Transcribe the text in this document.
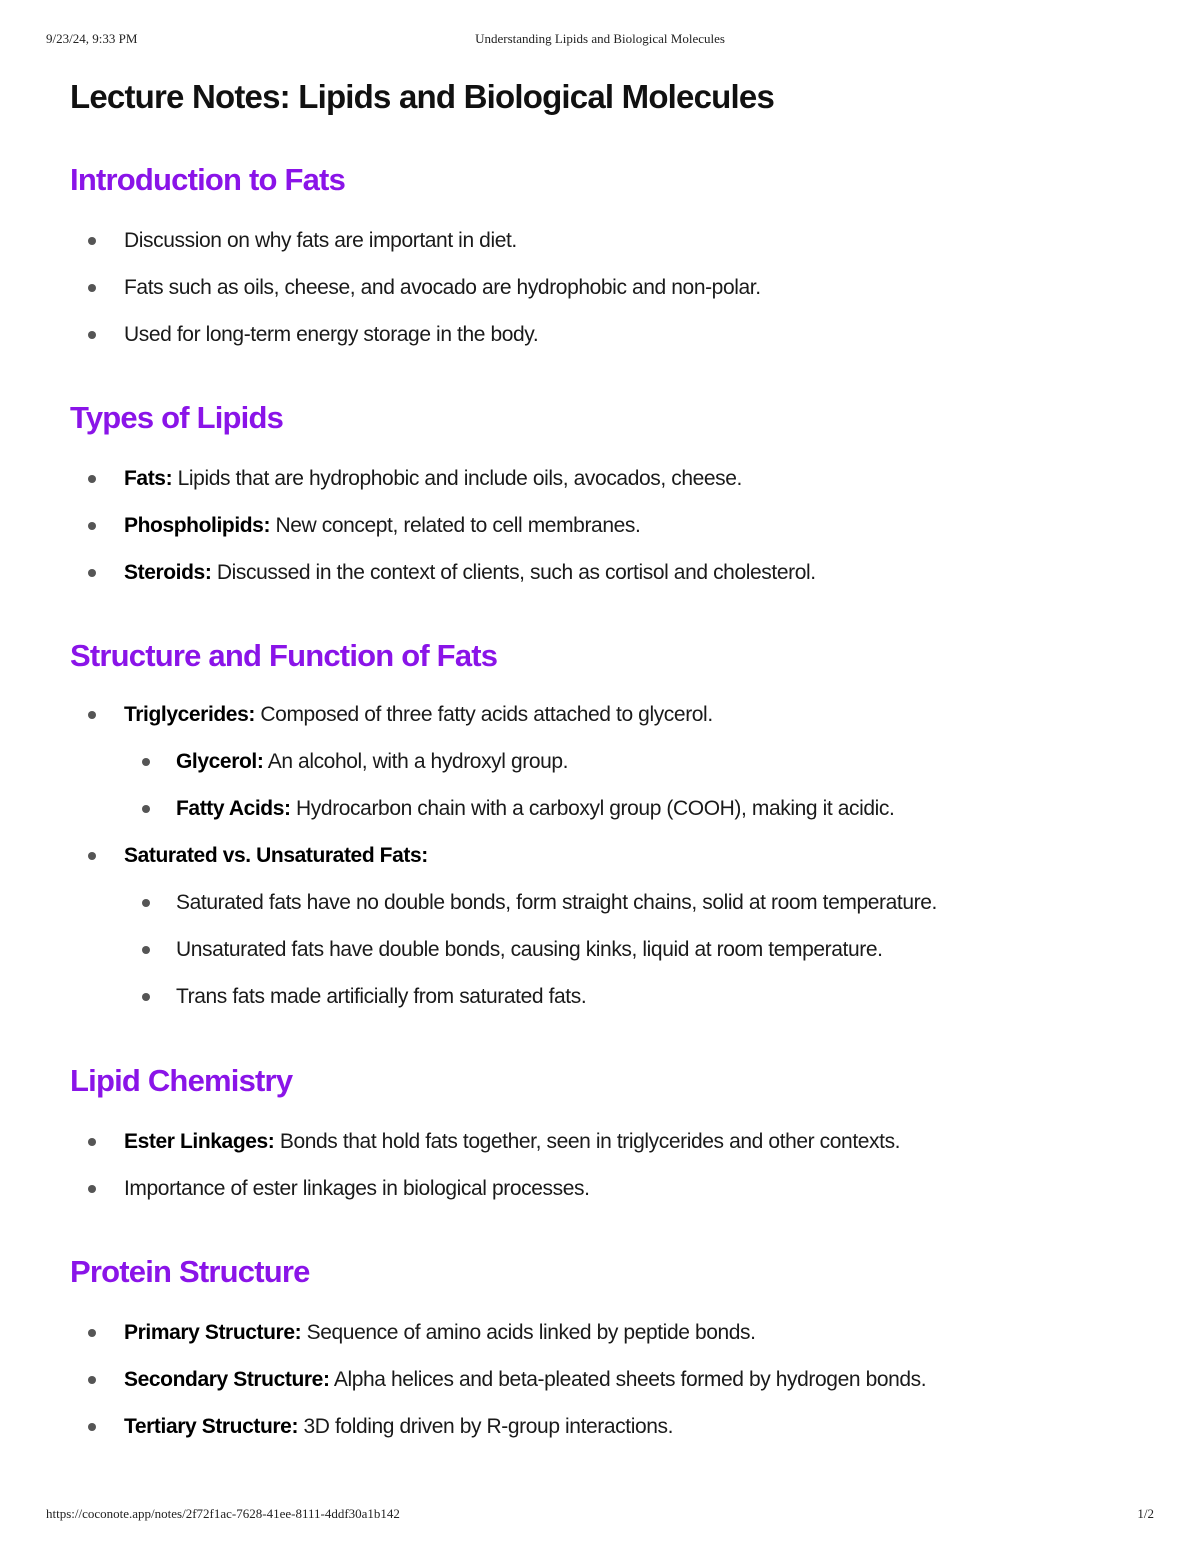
9/23/24, 9:33 PM	Understanding Lipids and Biological Molecules
Lecture Notes: Lipids and Biological Molecules
Introduction to Fats
Discussion on why fats are important in diet.
Fats such as oils, cheese, and avocado are hydrophobic and non-polar.
Used for long-term energy storage in the body.
Types of Lipids
Fats: Lipids that are hydrophobic and include oils, avocados, cheese.
Phospholipids: New concept, related to cell membranes.
Steroids: Discussed in the context of clients, such as cortisol and cholesterol.
Structure and Function of Fats
Triglycerides: Composed of three fatty acids attached to glycerol.
Glycerol: An alcohol, with a hydroxyl group.
Fatty Acids: Hydrocarbon chain with a carboxyl group (COOH), making it acidic.
Saturated vs. Unsaturated Fats:
Saturated fats have no double bonds, form straight chains, solid at room temperature.
Unsaturated fats have double bonds, causing kinks, liquid at room temperature.
Trans fats made artificially from saturated fats.
Lipid Chemistry
Ester Linkages: Bonds that hold fats together, seen in triglycerides and other contexts.
Importance of ester linkages in biological processes.
Protein Structure
Primary Structure: Sequence of amino acids linked by peptide bonds.
Secondary Structure: Alpha helices and beta-pleated sheets formed by hydrogen bonds.
Tertiary Structure: 3D folding driven by R-group interactions.
https://coconote.app/notes/2f72f1ac-7628-41ee-8111-4ddf30a1b142	1/2
